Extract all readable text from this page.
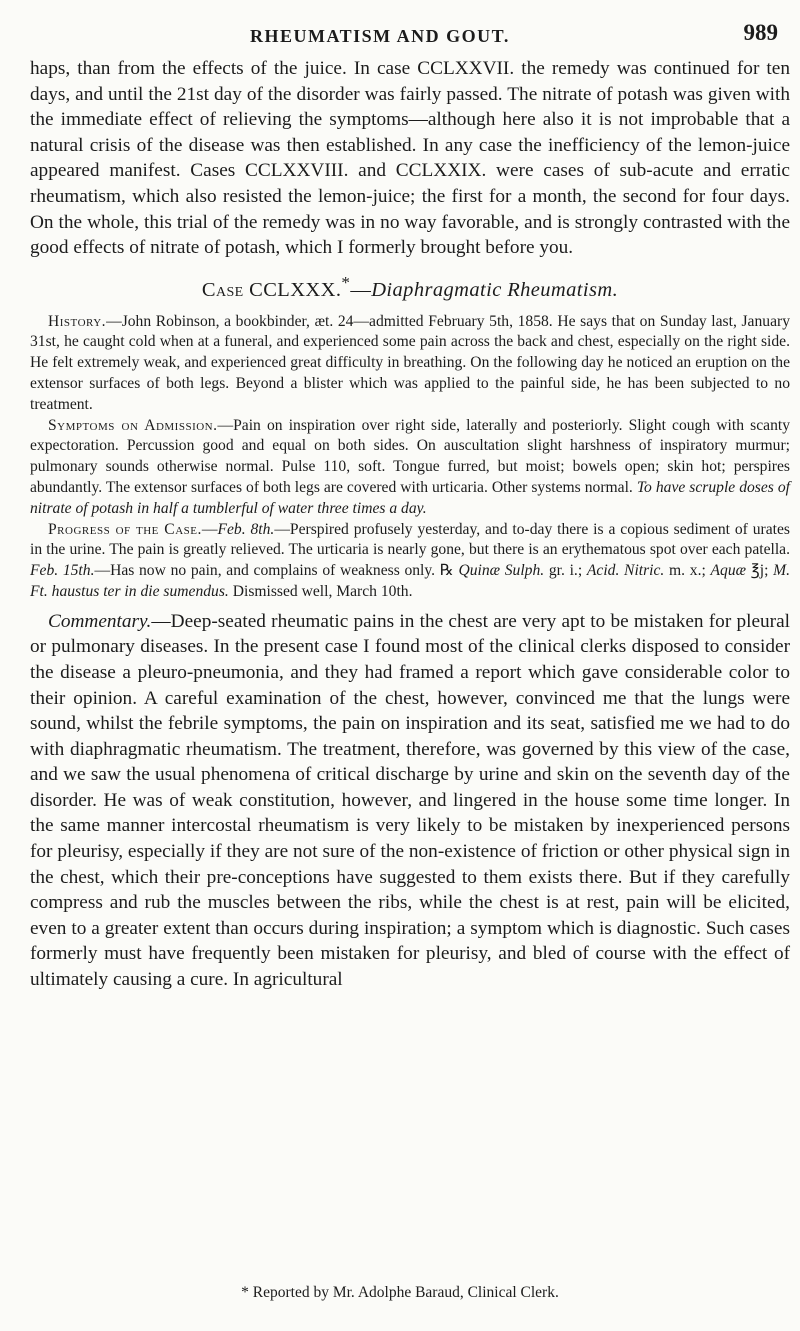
RHEUMATISM AND GOUT.	989

haps, than from the effects of the juice. In case CCLXXVII. the remedy was continued for ten days, and until the 21st day of the disorder was fairly passed. The nitrate of potash was given with the immediate effect of relieving the symptoms—although here also it is not improbable that a natural crisis of the disease was then established. In any case the inefficiency of the lemon-juice appeared manifest. Cases CCLXXVIII. and CCLXXIX. were cases of sub-acute and erratic rheumatism, which also resisted the lemon-juice; the first for a month, the second for four days. On the whole, this trial of the remedy was in no way favorable, and is strongly contrasted with the good effects of nitrate of potash, which I formerly brought before you.

Case CCLXXX.*—Diaphragmatic Rheumatism.

History.—John Robinson, a bookbinder, æt. 24—admitted February 5th, 1858. He says that on Sunday last, January 31st, he caught cold when at a funeral, and experienced some pain across the back and chest, especially on the right side. He felt extremely weak, and experienced great difficulty in breathing. On the following day he noticed an eruption on the extensor surfaces of both legs. Beyond a blister which was applied to the painful side, he has been subjected to no treatment.

Symptoms on Admission.—Pain on inspiration over right side, laterally and posteriorly. Slight cough with scanty expectoration. Percussion good and equal on both sides. On auscultation slight harshness of inspiratory murmur; pulmonary sounds otherwise normal. Pulse 110, soft. Tongue furred, but moist; bowels open; skin hot; perspires abundantly. The extensor surfaces of both legs are covered with urticaria. Other systems normal. To have scruple doses of nitrate of potash in half a tumblerful of water three times a day.

Progress of the Case.—Feb. 8th.—Perspired profusely yesterday, and to-day there is a copious sediment of urates in the urine. The pain is greatly relieved. The urticaria is nearly gone, but there is an erythematous spot over each patella. Feb. 15th.—Has now no pain, and complains of weakness only. ℞ Quinæ Sulph. gr. i.; Acid. Nitric. m. x.; Aquæ ℥j; M. Ft. haustus ter in die sumendus. Dismissed well, March 10th.

Commentary.—Deep-seated rheumatic pains in the chest are very apt to be mistaken for pleural or pulmonary diseases. In the present case I found most of the clinical clerks disposed to consider the disease a pleuro-pneumonia, and they had framed a report which gave considerable color to their opinion. A careful examination of the chest, however, convinced me that the lungs were sound, whilst the febrile symptoms, the pain on inspiration and its seat, satisfied me we had to do with diaphragmatic rheumatism. The treatment, therefore, was governed by this view of the case, and we saw the usual phenomena of critical discharge by urine and skin on the seventh day of the disorder. He was of weak constitution, however, and lingered in the house some time longer. In the same manner intercostal rheumatism is very likely to be mistaken by inexperienced persons for pleurisy, especially if they are not sure of the non-existence of friction or other physical sign in the chest, which their pre-conceptions have suggested to them exists there. But if they carefully compress and rub the muscles between the ribs, while the chest is at rest, pain will be elicited, even to a greater extent than occurs during inspiration; a symptom which is diagnostic. Such cases formerly must have frequently been mistaken for pleurisy, and bled of course with the effect of ultimately causing a cure. In agricultural

* Reported by Mr. Adolphe Baraud, Clinical Clerk.
